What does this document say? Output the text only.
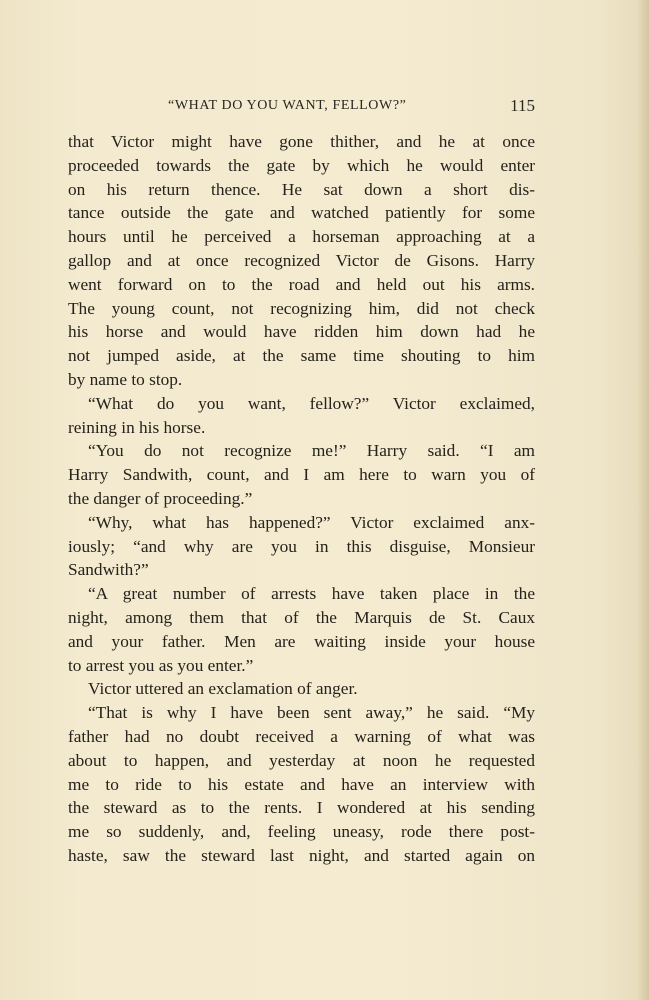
“WHAT DO YOU WANT, FELLOW?”	115
that Victor might have gone thither, and he at once
proceeded towards the gate by which he would enter
on his return thence. He sat down a short dis-
tance outside the gate and watched patiently for some
hours until he perceived a horseman approaching at a
gallop and at once recognized Victor de Gisons. Harry
went forward on to the road and held out his arms.
The young count, not recognizing him, did not check
his horse and would have ridden him down had he
not jumped aside, at the same time shouting to him
by name to stop.
“What do you want, fellow?” Victor exclaimed,
reining in his horse.
“You do not recognize me!” Harry said. “I am
Harry Sandwith, count, and I am here to warn you of
the danger of proceeding.”
“Why, what has happened?” Victor exclaimed anx-
iously; “and why are you in this disguise, Monsieur
Sandwith?”
“A great number of arrests have taken place in the
night, among them that of the Marquis de St. Caux
and your father. Men are waiting inside your house
to arrest you as you enter.”
Victor uttered an exclamation of anger.
“That is why I have been sent away,” he said. “My
father had no doubt received a warning of what was
about to happen, and yesterday at noon he requested
me to ride to his estate and have an interview with
the steward as to the rents. I wondered at his sending
me so suddenly, and, feeling uneasy, rode there post-
haste, saw the steward last night, and started again on
